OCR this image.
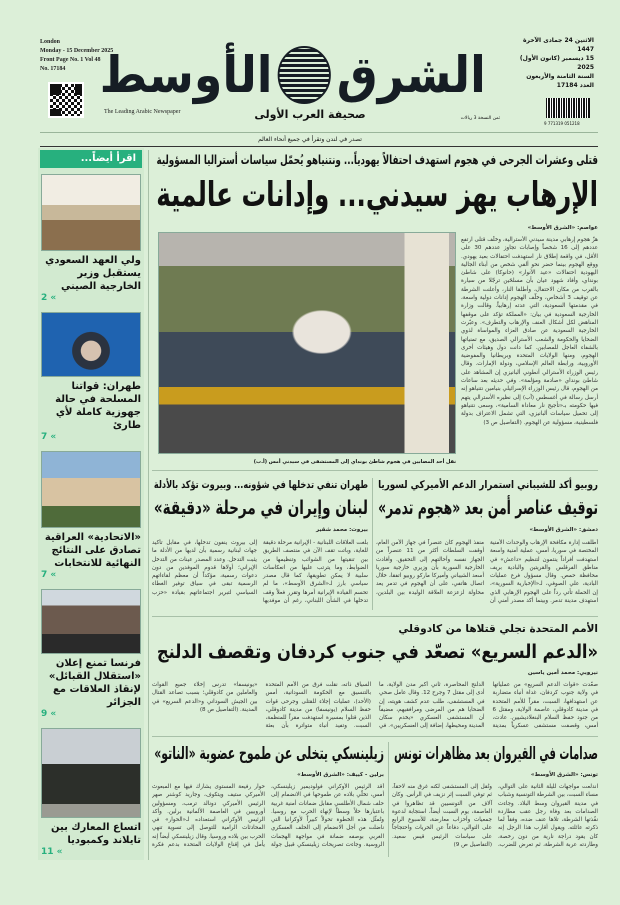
London
Monday - 15 December 2025
Front Page No. 1 Vol 48
No. 17184
The Leading Arabic Newspaper
الشرقالأوسط
صحيفة العرب الأولى
الاثنين 24 جمادى الآخرة 1447
15 ديسمبر (كانون الأول) 2025
السنة الثامنة والأربعون
العدد 17184
ثمن النسخة 3 ريالات
9 771319 051218
تصدر في لندن وتقرأ في جميع أنحاء العالم
اقرأ أيضاً...
ولي العهد السعودي يستقبل وزير الخارجية الصيني
2 «
طهران: قواتنا المسلحة في حالة جهوزية كاملة لأي طارئ
7 «
«الاتحادية» العراقية تصادق على النتائج النهائية للانتخابات
7 «
فرنسا تمنع إعلان «استقلال القبائل» لإنقاذ العلاقات مع الجزائر
9 «
اتساع المعارك بين تايلاند وكمبوديا
11 «
قتلى وعشرات الجرحى في هجوم استهدف احتفالاً يهودياً... ونتنياهو يُحمّل سياسات أستراليا المسؤولية
الإرهاب يهز سيدني... وإدانات عالمية
عواصم: «الشرق الأوسط»
نقل أحد المصابين في هجوم شاطئ بونداي إلى المستشفى في سيدني أمس (أ.ب)
هزّ هجوم إرهابي مدينة سيدني الأسترالية، وخلّف قتلى ارتفع عددهم إلى 16 شخصاً وإصابات تجاوز عددهم 30 على الأقل، في واقعة إطلاق نار استهدفت احتفالات بعيد يهودي. ووقع الهجوم بينما حضر نحو ألفي شخص من أبناء الجالية اليهودية احتفالات «عيد الأنوار» (حانوكا) على شاطئ بونداي، وأفاد شهود عيان بأن مسلحَين ترجّلا من سيارة بالقرب من مكان الاحتفال، وأطلقا النار، وأعلنت الشرطة عن توقيف 3 أشخاص، وخلّف الهجوم إدانات دولية واسعة، في مقدمتها السعودية، التي عدته إرهابياً. وقالت وزارة الخارجية السعودية في بيان: «المملكة تؤكد على موقفها المناهض لكل أشكال العنف والإرهاب والتطرف». وعبّرت الخارجية السعودية عن صادق العزاء والمواساة لذوي الضحايا والحكومة والشعب الأسترالي الصديق، مع تمنياتها بالشفاء العاجل للمصابين. كما دانت دول وهيئات أخرى الهجوم، ومنها الولايات المتحدة وبريطانيا والمفوضية الأوروبية، ورابطة العالم الإسلامي، ودولة الإمارات. وقال رئيس الوزراء الأسترالي أنطوني ألبانيزي إن المشاهد على شاطئ بونداي «صادمة ومؤلمة». وفي حديثه بعد ساعات من الهجوم، قال رئيس الوزراء الإسرائيلي بنيامين نتنياهو إنه أرسل رسالة في أغسطس (آب) إلى نظيره الأسترالي يتهم فيها حكومته بـ«تأجيج نار معاداة السامية»، وسعى نتنياهو إلى تحميل سياسات ألبانيزي، التي تشمل الاعتراف بدولة فلسطينية، مسؤولية عن الهجوم. (التفاصيل ص 3)
روبيو أكد للشيباني استمرار الدعم الأميركي لسوريا
توقيف عناصر أمن بعد «هجوم تدمر»
دمشق: «الشرق الأوسط»
أطلقت إدارة مكافحة الإرهاب والوحدات الأمنية المختصة في سوريا، أمس، عملية أمنية واسعة استهدفت أفراداً ينتمون لتنظيم «داعش» في مناطق الفرقلس والقريتين والبادية بريف محافظة حمص. وقال مسؤول فرع عمليات البادية، علي الصوفي، لـ«الإخبارية السورية»، إن الحملة تأتي رداً على الهجوم الإرهابي الذي استهدف مدينة تدمر. وبينما أكد مصدر أمني أن منفذ الهجوم كان عنصراً في جهاز الأمن العام، أوقفت السلطات أكثر من 11 عنصراً من الجهاز نفسه وأحالتهم إلى التحقيق. وأفادت الخارجية السورية بأن وزيري خارجية سوريا أسعد الشيباني وأميركا ماركو روبيو اتفقا، خلال اتصال هاتفي، على أن الهجوم في تدمر يعد محاولة لزعزعة العلاقة الوليدة بين البلدين،
طهران تنفي تدخلها في شؤونه... وبيروت تؤكد بالأدلة
لبنان وإيران في مرحلة «دقيقة»
بيروت: محمد شقير
بلغت العلاقات اللبنانية - الإيرانية مرحلة دقيقة للغاية، وباتت تقف الآن في منتصف الطريق بين تنقيتها من الشوائب وتنظيمها من الضوابط، وما يترتب عليها من انعكاسات سلبية لا يمكن تطويقها، كما قال مصدر سياسي بارز لـ«الشرق الأوسط»، ما لم تحسم القيادة الإيرانية أمرها وتقرر فعلاً وقف تدخلها في الشأن اللبناني، رغم أن موفديها إلى بيروت ينفون تدخلها، في مقابل تأكيد جهات لبنانية رسمية بأن لديها من الأدلة ما يثبت التدخل. وعدد المصدر عينات من التدخل الإيراني؛ أولاها قدوم الموفدين من دون دعوات رسمية، مؤكداً أن معظم لقاءاتهم الرسمية تبقى في سياق توفير الغطاء السياسي لتبرير اجتماعاتهم بقيادة «حزب
الأمم المتحدة تجلي قتلاها من كادوقلي
«الدعم السريع» تصعّد في جنوب كردفان وتقصف الدلنج
نيروبي: محمد أمين ياسين
صعّدت «قوات الدعم السريع» من عملياتها في ولاية جنوب كردفان، غداة أنباء متضاربة عن استهدافها، السبت، مقراً للأمم المتحدة في مدينة كادوقلي، عاصمة الولاية، ومقتل 6 من جنود حفظ السلام البنغلاديشيين. عادت، أمس، وقصفت مستشفى عسكرياً بمدينة الدلنج المحاصرة، ثاني أكبر مدن الولاية، ما أدى إلى مقتل 7 وجرح 12. وقال عامل صحي في المستشفى، طلب عدم كشف هويته، إن الضحايا هم من المرضى ومرافقيهم، مضيفاً أن المستشفى العسكري «يخدم سكان المدينة ومحيطها، إضافة إلى العسكريين». في السياق ذاته، نقلت فرق من الأمم المتحدة بالتنسيق مع الحكومة السودانية، أمس (الأحد)، عمليات إجلاء للقتلى وجرحى قوات حفظ السلام (يونيسفا) من مدينة كادوقلي، الذين قتلوا بمسيرة استهدفت مقراً للمنظمة، السبت. وتفيد أنباء متواترة بأن بعثة «يونيسفا» تدرس إخلاء جميع القوات والعاملين من كادوقلي؛ بسبب تصاعد القتال بين الجيش السوداني و«الدعم السريع» في المدينة. (التفاصيل ص 8)
صدامات في القيروان بعد مظاهرات تونس
تونس: «الشرق الأوسط»
اندلعت مواجهات لليلة الثانية على التوالي، مساء السبت، بين الشرطة التونسية وشباب في مدينة القيروان وسط البلاد. وجاءت الصدامات بعد وفاة رجل عقب مطاردة نفّذتها الشرطة، تلاها عنف ضده، وفقاً لما ذكرته عائلته. ويقول أقارب هذا الرجل إنه كان يقود دراجة نارية من دون رخصة، وطاردته عربة الشرطة، ثم تعرض للضرب، ونُقل إلى المستشفى لكنه غرق منه لاحقاً، ثم توفي السبت إثر نزيف في الرأس. وكان آلاف من التونسيين قد تظاهروا في العاصمة، يوم السبت أيضاً، استجابة لدعوة جمعيات وأحزاب معارضة، للأسبوع الرابع على التوالي، دفاعاً عن الحريات واحتجاجاً على سياسات الرئيس قيس سعيد. (التفاصيل ص 9)
زيلينسكي يتخلى عن طموح عضوية «الناتو»
برلين - كييف: «الشرق الأوسط»
أقد الرئيس الأوكراني فولوديمير زيلينسكي، أمس، تخلّي بلاده عن طموحها في الانضمام إلى حلف شمال الأطلسي مقابل ضمانات أمنية غربية باعتبارها حلاً وسطاً لإنهاء الحرب مع روسيا. وتُمثّل هذه الخطوة تحولاً كبيراً لأوكرانيا التي ناضلت من أجل الانضمام إلى الحلف العسكري الغربي بوصفه ضمانة في مواجهة الهجمات الروسية. وجاءت تصريحات زيلينسكي قبيل جولة حوار رفيعة المستوى يشارك فيها مع المبعوث الأميركي ستيف ويتكوف، وجاريد كوشنر صهر الرئيس الأميركي دونالد ترمب، ومسؤولين أوروبيين في العاصمة الألمانية برلين. وأكد الرئيس الأوكراني استعداده لـ«الحوار» في المحادثات الرامية للتوصل إلى تسوية تنهي الحرب بين بلاده وروسيا. وقال زيلينسكي أيضاً إنه يأمل في إقناع الولايات المتحدة بدعم فكرة
